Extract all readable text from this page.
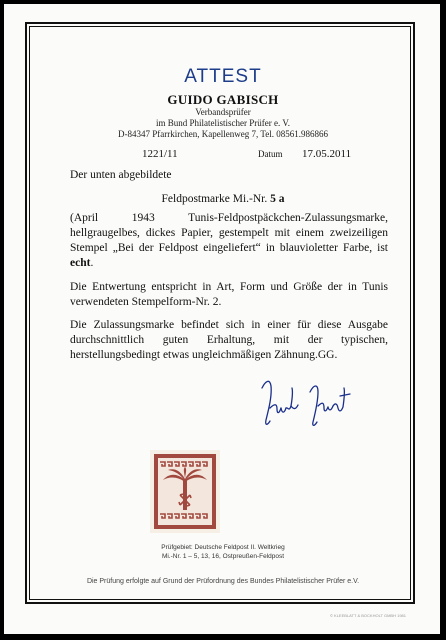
ATTEST
GUIDO GABISCH
Verbandsprüfer
im Bund Philatelistischer Prüfer e. V.
D-84347 Pfarrkirchen, Kapellenweg 7, Tel. 08561.986866
1221/11	Datum 17.05.2011
Der unten abgebildete
Feldpostmarke Mi.-Nr. 5 a
(April 1943 Tunis-Feldpostpäckchen-Zulassungsmarke, hellgraugelbes, dickes Papier, gestempelt mit einem zweizeiligen Stempel „Bei der Feldpost eingeliefert“ in blauvioletter Farbe, ist echt.
Die Entwertung entspricht in Art, Form und Größe der in Tunis verwendeten Stempelform-Nr. 2.
Die Zulassungsmarke befindet sich in einer für diese Ausgabe durchschnittlich guten Erhaltung, mit der typischen, herstellungsbedingt etwas ungleichmäßigen Zähnung.GG.
Prüfgebiet: Deutsche Feldpost II. Weltkrieg
Mi.-Nr. 1 – 5, 13, 16, Ostpreußen-Feldpost
Die Prüfung erfolgte auf Grund der Prüfordnung des Bundes Philatelistischer Prüfer e.V.
© KLEEBLATT & BOCKHOLT GMBH 1981
